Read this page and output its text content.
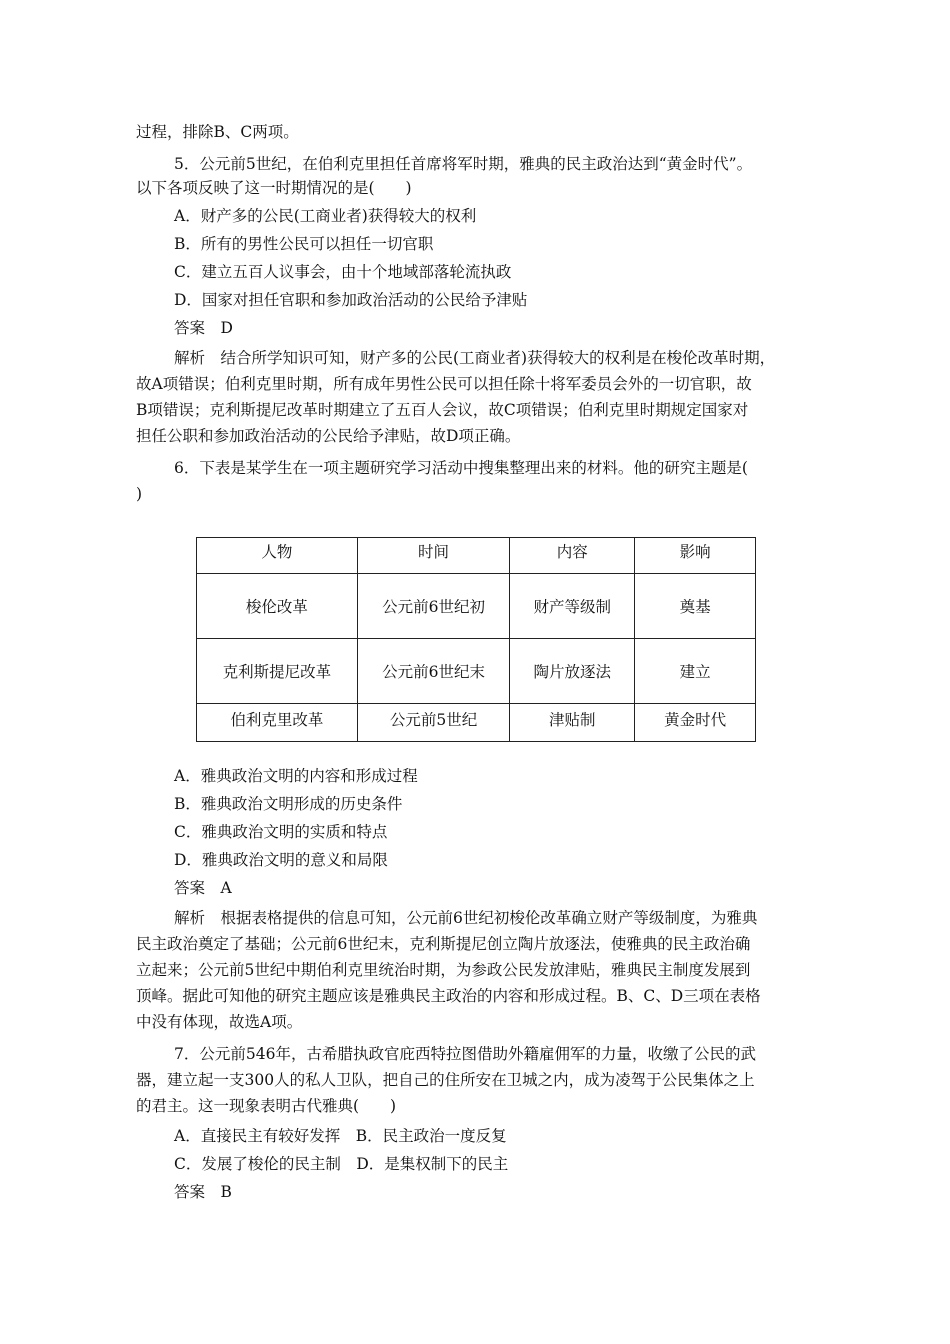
过程，排除B、C两项。
5．公元前5世纪，在伯利克里担任首席将军时期，雅典的民主政治达到“黄金时代”。
以下各项反映了这一时期情况的是(　　)
A．财产多的公民(工商业者)获得较大的权利
B．所有的男性公民可以担任一切官职
C．建立五百人议事会，由十个地域部落轮流执政
D．国家对担任官职和参加政治活动的公民给予津贴
答案　D
解析　结合所学知识可知，财产多的公民(工商业者)获得较大的权利是在梭伦改革时期，
故A项错误；伯利克里时期，所有成年男性公民可以担任除十将军委员会外的一切官职，故
B项错误；克利斯提尼改革时期建立了五百人会议，故C项错误；伯利克里时期规定国家对
担任公职和参加政治活动的公民给予津贴，故D项正确。
6．下表是某学生在一项主题研究学习活动中搜集整理出来的材料。他的研究主题是(
)
人物	时间	内容	影响
梭伦改革	公元前6世纪初	财产等级制	奠基
克利斯提尼改革	公元前6世纪末	陶片放逐法	建立
伯利克里改革	公元前5世纪	津贴制	黄金时代
A．雅典政治文明的内容和形成过程
B．雅典政治文明形成的历史条件
C．雅典政治文明的实质和特点
D．雅典政治文明的意义和局限
答案　A
解析　根据表格提供的信息可知，公元前6世纪初梭伦改革确立财产等级制度，为雅典
民主政治奠定了基础；公元前6世纪末，克利斯提尼创立陶片放逐法，使雅典的民主政治确
立起来；公元前5世纪中期伯利克里统治时期，为参政公民发放津贴，雅典民主制度发展到
顶峰。据此可知他的研究主题应该是雅典民主政治的内容和形成过程。B、C、D三项在表格
中没有体现，故选A项。
7．公元前546年，古希腊执政官庇西特拉图借助外籍雇佣军的力量，收缴了公民的武
器，建立起一支300人的私人卫队，把自己的住所安在卫城之内，成为凌驾于公民集体之上
的君主。这一现象表明古代雅典(　　)
A．直接民主有较好发挥　B．民主政治一度反复
C．发展了梭伦的民主制　D．是集权制下的民主
答案　B
